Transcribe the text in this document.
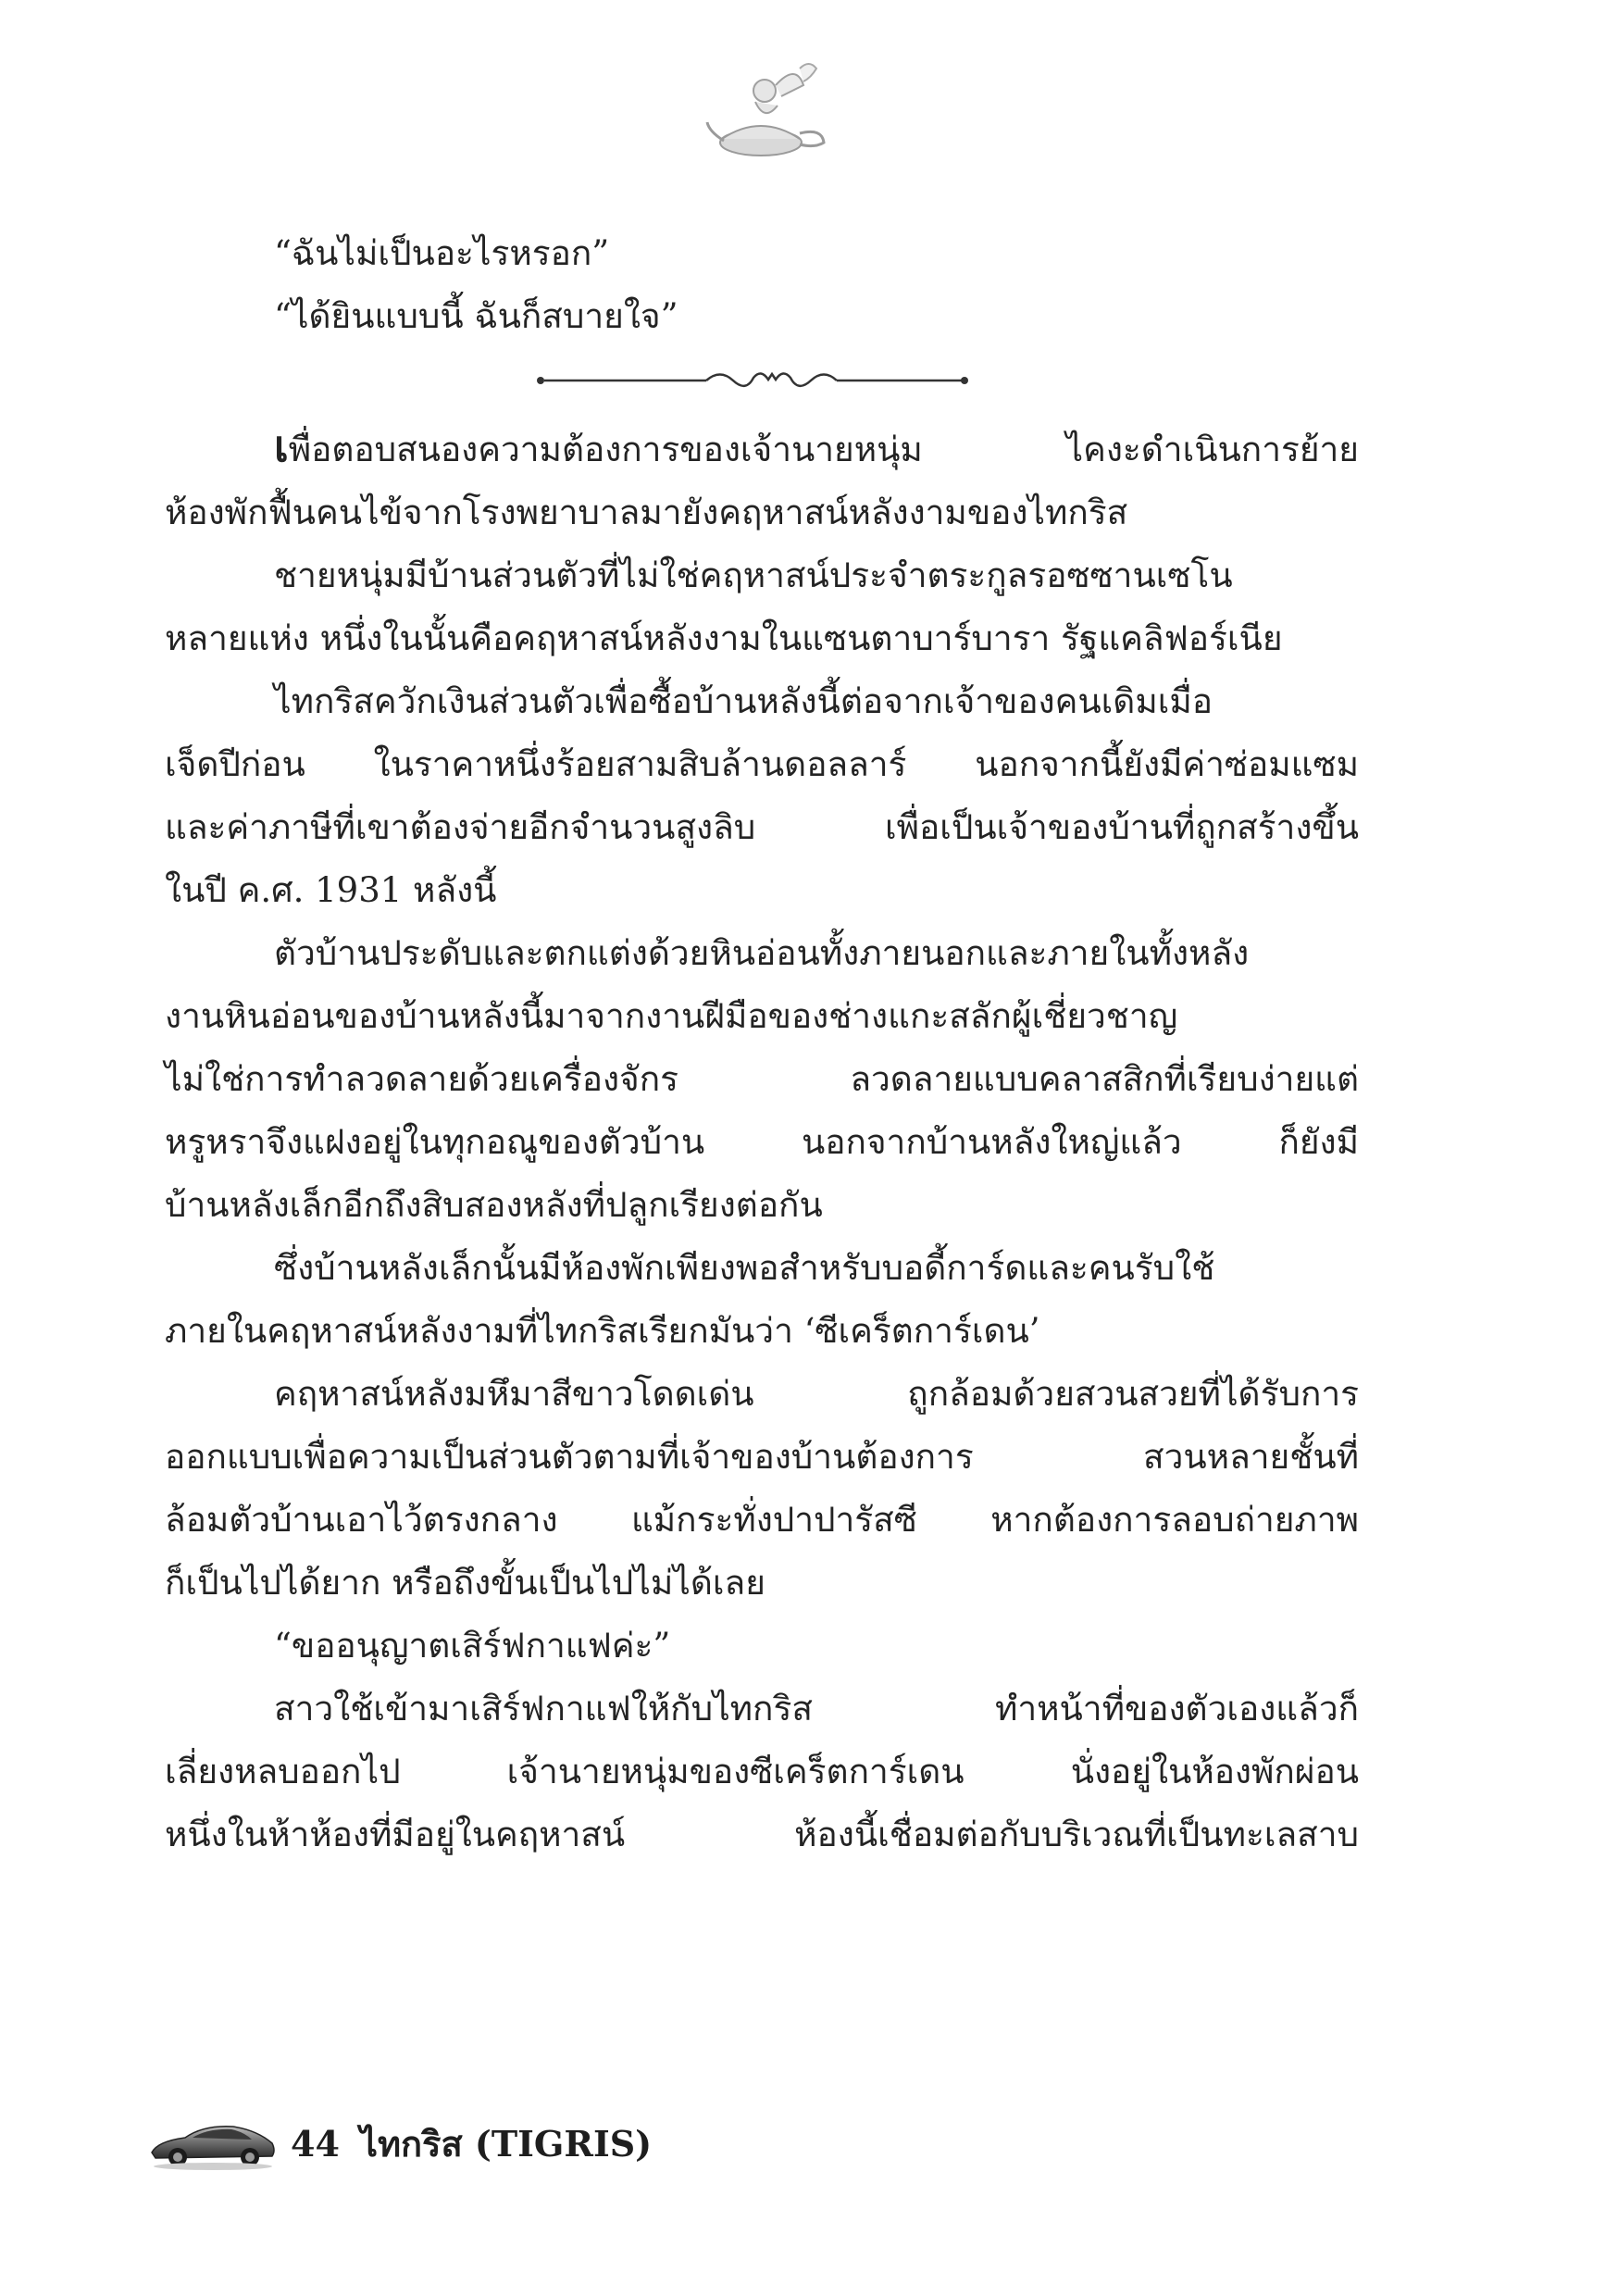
“ฉันไม่เป็นอะไรหรอก”
“ได้ยินแบบนี้ ฉันก็สบายใจ”
เพื่อตอบสนองความต้องการของเจ้านายหนุ่ม ไคงะดำเนินการย้าย
ห้องพักฟื้นคนไข้จากโรงพยาบาลมายังคฤหาสน์หลังงามของไทกริส
ชายหนุ่มมีบ้านส่วนตัวที่ไม่ใช่คฤหาสน์ประจำตระกูลรอซซานเซโน
หลายแห่ง หนึ่งในนั้นคือคฤหาสน์หลังงามในแซนตาบาร์บารา รัฐแคลิฟอร์เนีย
ไทกริสควักเงินส่วนตัวเพื่อซื้อบ้านหลังนี้ต่อจากเจ้าของคนเดิมเมื่อ
เจ็ดปีก่อน ในราคาหนึ่งร้อยสามสิบล้านดอลลาร์ นอกจากนี้ยังมีค่าซ่อมแซม
และค่าภาษีที่เขาต้องจ่ายอีกจำนวนสูงลิบ เพื่อเป็นเจ้าของบ้านที่ถูกสร้างขึ้น
ในปี ค.ศ. 1931 หลังนี้
ตัวบ้านประดับและตกแต่งด้วยหินอ่อนทั้งภายนอกและภายในทั้งหลัง
งานหินอ่อนของบ้านหลังนี้มาจากงานฝีมือของช่างแกะสลักผู้เชี่ยวชาญ
ไม่ใช่การทำลวดลายด้วยเครื่องจักร ลวดลายแบบคลาสสิกที่เรียบง่ายแต่
หรูหราจึงแฝงอยู่ในทุกอณูของตัวบ้าน นอกจากบ้านหลังใหญ่แล้ว ก็ยังมี
บ้านหลังเล็กอีกถึงสิบสองหลังที่ปลูกเรียงต่อกัน
ซึ่งบ้านหลังเล็กนั้นมีห้องพักเพียงพอสำหรับบอดี้การ์ดและคนรับใช้
ภายในคฤหาสน์หลังงามที่ไทกริสเรียกมันว่า ‘ซีเคร็ตการ์เดน’
คฤหาสน์หลังมหึมาสีขาวโดดเด่น ถูกล้อมด้วยสวนสวยที่ได้รับการ
ออกแบบเพื่อความเป็นส่วนตัวตามที่เจ้าของบ้านต้องการ สวนหลายชั้นที่
ล้อมตัวบ้านเอาไว้ตรงกลาง แม้กระทั่งปาปารัสซี หากต้องการลอบถ่ายภาพ
ก็เป็นไปได้ยาก หรือถึงขั้นเป็นไปไม่ได้เลย
“ขออนุญาตเสิร์ฟกาแฟค่ะ”
สาวใช้เข้ามาเสิร์ฟกาแฟให้กับไทกริส ทำหน้าที่ของตัวเองแล้วก็
เลี่ยงหลบออกไป เจ้านายหนุ่มของซีเคร็ตการ์เดน นั่งอยู่ในห้องพักผ่อน
หนึ่งในห้าห้องที่มีอยู่ในคฤหาสน์ ห้องนี้เชื่อมต่อกับบริเวณที่เป็นทะเลสาบ
44 ไทกริส (TIGRIS)
